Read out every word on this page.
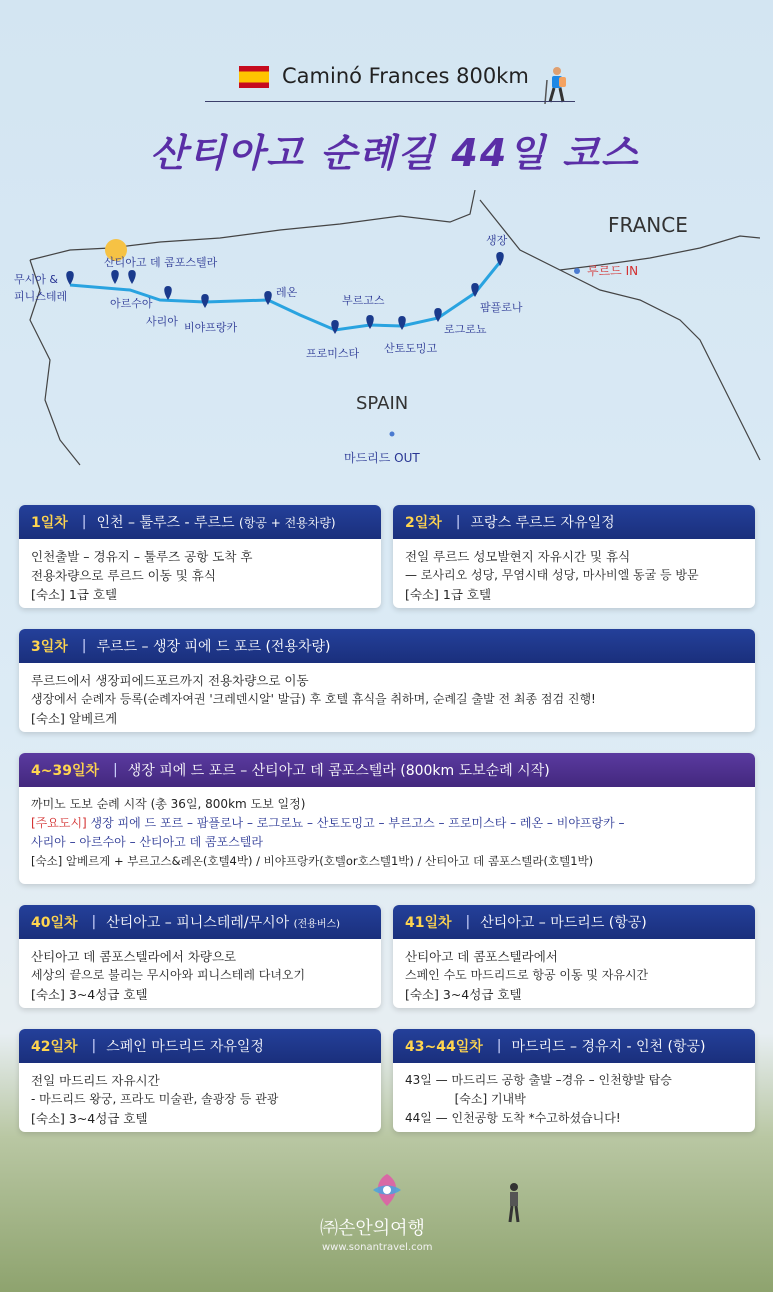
Caminó Frances 800km
산티아고 순례길 44일 코스
무시아 &
피니스테레
산티아고 데 콤포스텔라
아르수아
사리아 비야프랑카
레온
부르고스
프로미스타 산토도밍고
로그로뇨
팜플로나
생장
FRANCE
SPAIN
루르드 IN
마드리드 OUT
1일차 | 인천 – 툴루즈 - 루르드
(항공 + 전용차량)
인천출발 – 경유지 – 툴루즈 공항 도착 후
전용차량으로 루르드 이동 및 휴식
[숙소] 1급 호텔
2일차 | 프랑스 루르드 자유일정
전일 루르드 성모발현지 자유시간 및 휴식
— 로사리오 성당, 무염시태 성당, 마사비엘 동굴 등 방문
[숙소] 1급 호텔
3일차 | 루르드 – 생장 피에 드 포르 (전용차량)
루르드에서 생장피에드포르까지 전용차량으로 이동
생장에서 순례자 등록(순례자여권 '크레덴시알' 발급) 후 호텔 휴식을 취하며, 순례길 출발 전 최종 점검 진행!
[숙소] 알베르게
4~39일차 | 생장 피에 드 포르 – 산티아고 데 콤포스텔라 (800km 도보순례 시작)
까미노 도보 순례 시작 (총 36일, 800km 도보 일정)
[주요도시] 생장 피에 드 포르 – 팜플로나 – 로그로뇨 – 산토도밍고 – 부르고스 – 프로미스타 – 레온 – 비야프랑카 –
사리아 – 아르수아 – 산티아고 데 콤포스텔라
[숙소] 알베르게 + 부르고스&레온(호텔4박) / 비야프랑카(호텔or호스텔1박) / 산티아고 데 콤포스텔라(호텔1박)
40일차 | 산티아고 – 피니스테레/무시아
(전용버스)
산티아고 데 콤포스텔라에서 차량으로
세상의 끝으로 불리는 무시아와 피니스테레 다녀오기
[숙소] 3~4성급 호텔
41일차 | 산티아고 – 마드리드 (항공)
산티아고 데 콤포스텔라에서
스페인 수도 마드리드로 항공 이동 및 자유시간
[숙소] 3~4성급 호텔
42일차 | 스페인 마드리드 자유일정
전일 마드리드 자유시간
- 마드리드 왕궁, 프라도 미술관, 솔광장 등 관광
[숙소] 3~4성급 호텔
43~44일차 | 마드리드 – 경유지 - 인천 (항공)
43일 — 마드리드 공항 출발 –경유 – 인천향발 탑승
[숙소] 기내박
44일 — 인천공항 도착 *수고하셨습니다!
㈜손안의여행
www.sonantravel.com
